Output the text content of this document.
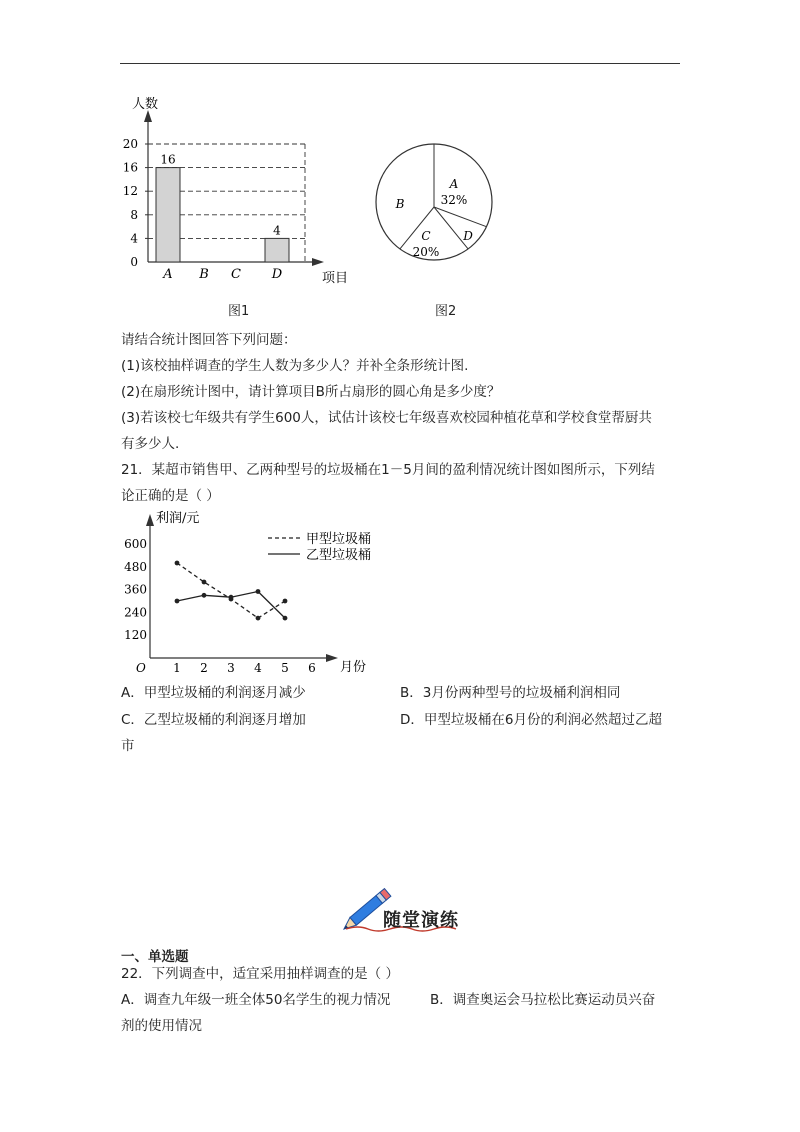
人数
项目
0
4
8
12
16
20
A
16
B C D
4
A
32%
B
C
20%
D
图1	图2
请结合统计图回答下列问题：
(1)该校抽样调查的学生人数为多少人？并补全条形统计图.
(2)在扇形统计图中，请计算项目B所占扇形的圆心角是多少度？
(3)若该校七年级共有学生600人，试估计该校七年级喜欢校园种植花草和学校食堂帮厨共
有多少人.
21．某超市销售甲、乙两种型号的垃圾桶在1－5月间的盈利情况统计图如图所示，下列结
论正确的是（ ）
利润/元
月份
O
120
240
360
480
600
1 2 3 4 5 6
甲型垃圾桶
乙型垃圾桶
A．甲型垃圾桶的利润逐月减少	B．3月份两种型号的垃圾桶利润相同
C．乙型垃圾桶的利润逐月增加	D．甲型垃圾桶在6月份的利润必然超过乙超
市
随堂演练
一、单选题
22．下列调查中，适宜采用抽样调查的是（ ）
A．调查九年级一班全体50名学生的视力情况	B．调查奥运会马拉松比赛运动员兴奋
剂的使用情况
